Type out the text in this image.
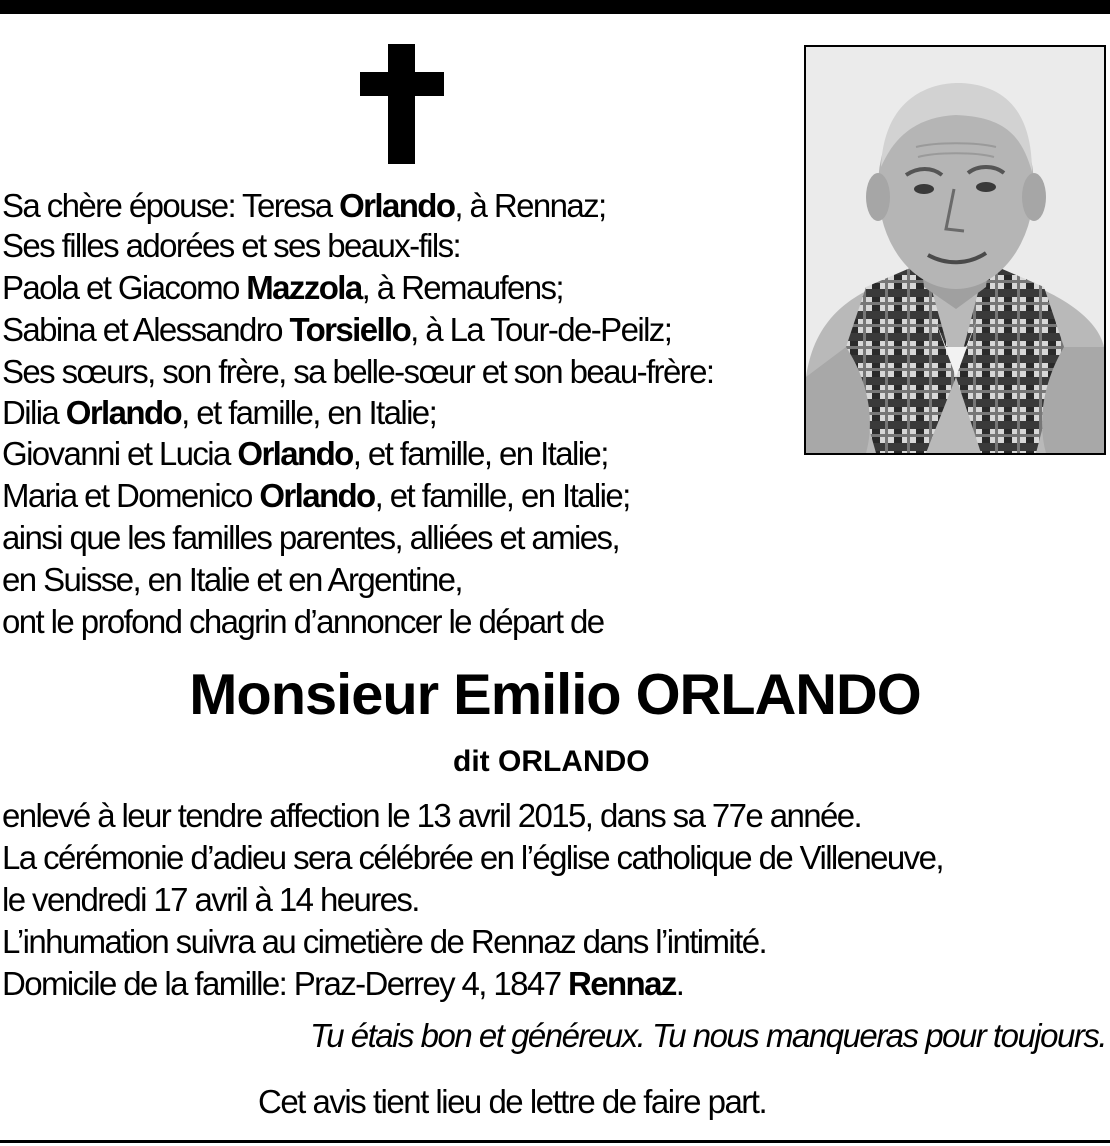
Sa chère épouse: Teresa Orlando, à Rennaz;
Ses filles adorées et ses beaux-fils:
Paola et Giacomo Mazzola, à Remaufens;
Sabina et Alessandro Torsiello, à La Tour-de-Peilz;
Ses sœurs, son frère, sa belle-sœur et son beau-frère:
Dilia Orlando, et famille, en Italie;
Giovanni et Lucia Orlando, et famille, en Italie;
Maria et Domenico Orlando, et famille, en Italie;
ainsi que les familles parentes, alliées et amies,
en Suisse, en Italie et en Argentine,
ont le profond chagrin d’annoncer le départ de
Monsieur Emilio ORLANDO
dit ORLANDO
enlevé à leur tendre affection le 13 avril 2015, dans sa 77e année.
La cérémonie d’adieu sera célébrée en l’église catholique de Villeneuve,
le vendredi 17 avril à 14 heures.
L’inhumation suivra au cimetière de Rennaz dans l’intimité.
Domicile de la famille: Praz-Derrey 4, 1847 Rennaz.
Tu étais bon et généreux. Tu nous manqueras pour toujours.
Cet avis tient lieu de lettre de faire part.
